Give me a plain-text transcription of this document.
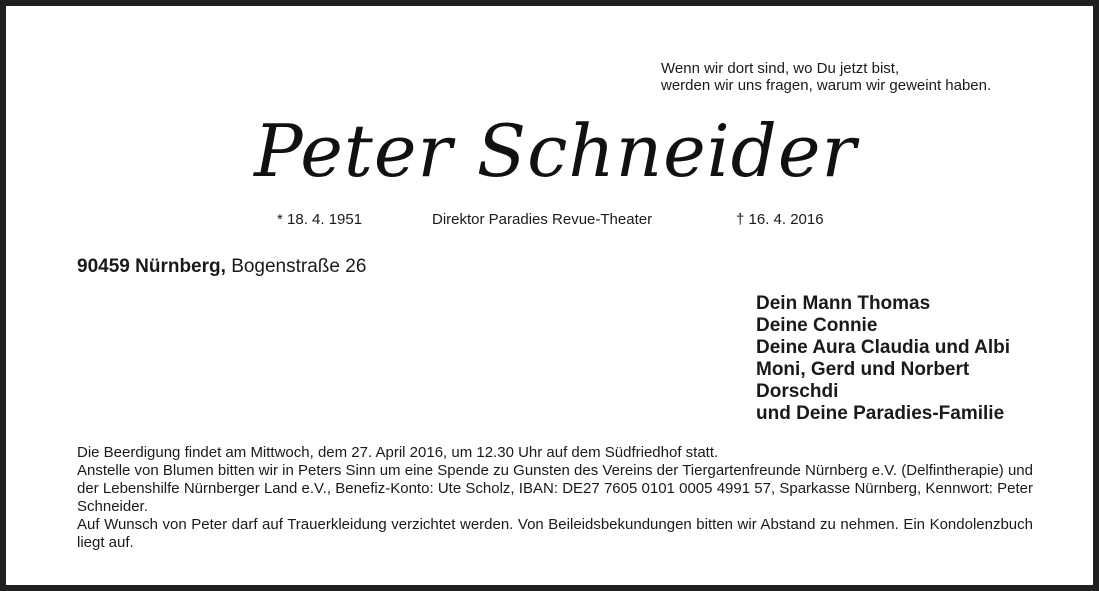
Wenn wir dort sind, wo Du jetzt bist,
werden wir uns fragen, warum wir geweint haben.
Peter Schneider
* 18. 4. 1951	Direktor Paradies Revue-Theater	† 16. 4. 2016
90459 Nürnberg, Bogenstraße 26
Dein Mann Thomas
Deine Connie
Deine Aura Claudia und Albi
Moni, Gerd und Norbert
Dorschdi
und Deine Paradies-Familie
Die Beerdigung findet am Mittwoch, dem 27. April 2016, um 12.30 Uhr auf dem Südfriedhof statt.
Anstelle von Blumen bitten wir in Peters Sinn um eine Spende zu Gunsten des Vereins der Tiergartenfreunde Nürnberg e.V. (Delfintherapie) und der Lebenshilfe Nürnberger Land e.V., Benefiz-Konto: Ute Scholz, IBAN: DE27 7605 0101 0005 4991 57, Sparkasse Nürnberg, Kennwort: Peter Schneider.
Auf Wunsch von Peter darf auf Trauerkleidung verzichtet werden. Von Beileidsbekundungen bitten wir Abstand zu nehmen. Ein Kondolenzbuch liegt auf.
